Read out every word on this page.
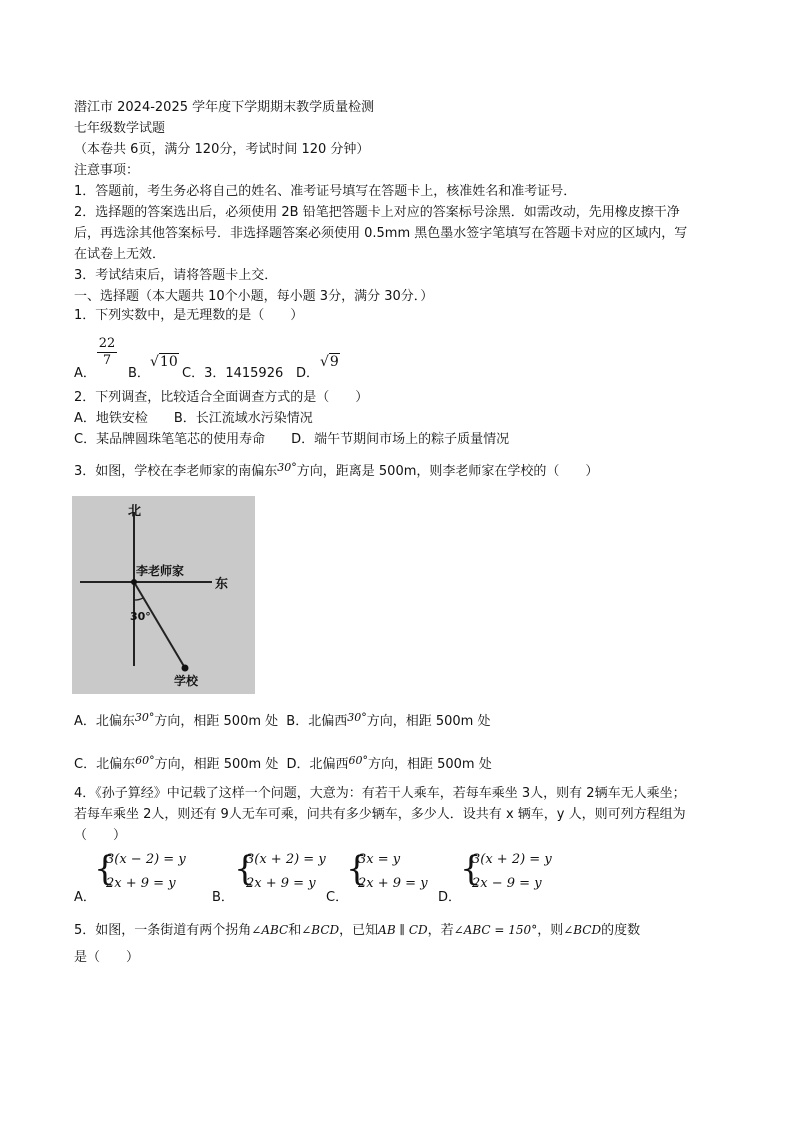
潜江市 2024-2025 学年度下学期期末教学质量检测
七年级数学试题
（本卷共 6页，满分 120分，考试时间 120 分钟）
注意事项：
1．答题前，考生务必将自己的姓名、准考证号填写在答题卡上，核准姓名和准考证号．
2．选择题的答案选出后，必须使用 2B 铅笔把答题卡上对应的答案标号涂黑．如需改动，先用橡皮擦干净
后，再选涂其他答案标号．非选择题答案必须使用 0.5mm 黑色墨水签字笔填写在答题卡对应的区域内，写
在试卷上无效．
3．考试结束后，请将答题卡上交．
一、选择题（本大题共 10个小题，每小题 3分，满分 30分．）
1．下列实数中，是无理数的是（　　）
A．
$\frac{22}{7}$
B．
√10
C．3．1415926 D．
√9
2．下列调查，比较适合全面调查方式的是（　　）
A．地铁安检　　B．长江流域水污染情况
C．某品牌圆珠笔笔芯的使用寿命　　D．端午节期间市场上的粽子质量情况
3．如图，学校在李老师家的南偏东$^{30^\circ}$方向，距离是 500m，则李老师家在学校的（　　）
北
东
李老师家
30°
学校
A．北偏东$^{30^\circ}$方向，相距 500m 处 B．北偏西$^{30^\circ}$方向，相距 500m 处
C．北偏东$^{60^\circ}$方向，相距 500m 处 D．北偏西$^{60^\circ}$方向，相距 500m 处
4．《孙子算经》中记载了这样一个问题，大意为：有若干人乘车，若每车乘坐 3人，则有 2辆车无人乘坐；
若每车乘坐 2人，则还有 9人无车可乘，问共有多少辆车，多少人．设共有 x 辆车，y 人，则可列方程组为
（　　）
A．
{
3(x − 2) = y
2x + 9 = y
B．
{
3(x + 2) = y
2x + 9 = y
C．
{
3x = y
2x + 9 = y
D．
{
3(x + 2) = y
2x − 9 = y
5．如图，一条街道有两个拐角∠ABC和∠BCD，已知AB ∥ CD，若∠ABC = 150°，则∠BCD的度数
是（　　）
